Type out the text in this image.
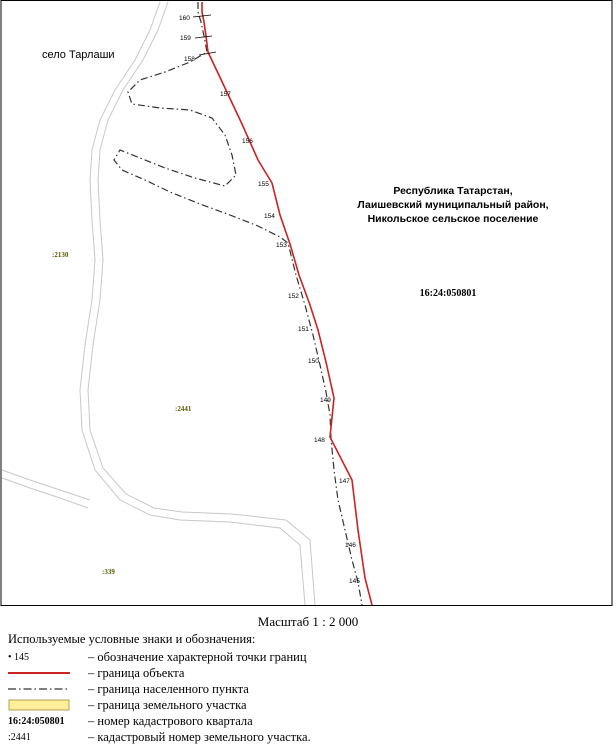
160
159
158
157
156
155
154
153
152
151
150
149
148
147
146
145
село Тарлаши
Республика Татарстан,
Лаишевский муниципальный район,
Никольское сельское поселение
16:24:050801
:2130
:2441
:339
Масштаб 1 : 2 000
Используемые условные знаки и обозначения:
• 145	– обозначение характерной точки границ
– граница объекта
– граница населенного пункта
– граница земельного участка
16:24:050801	– номер кадастрового квартала
:2441	– кадастровый номер земельного участка.
